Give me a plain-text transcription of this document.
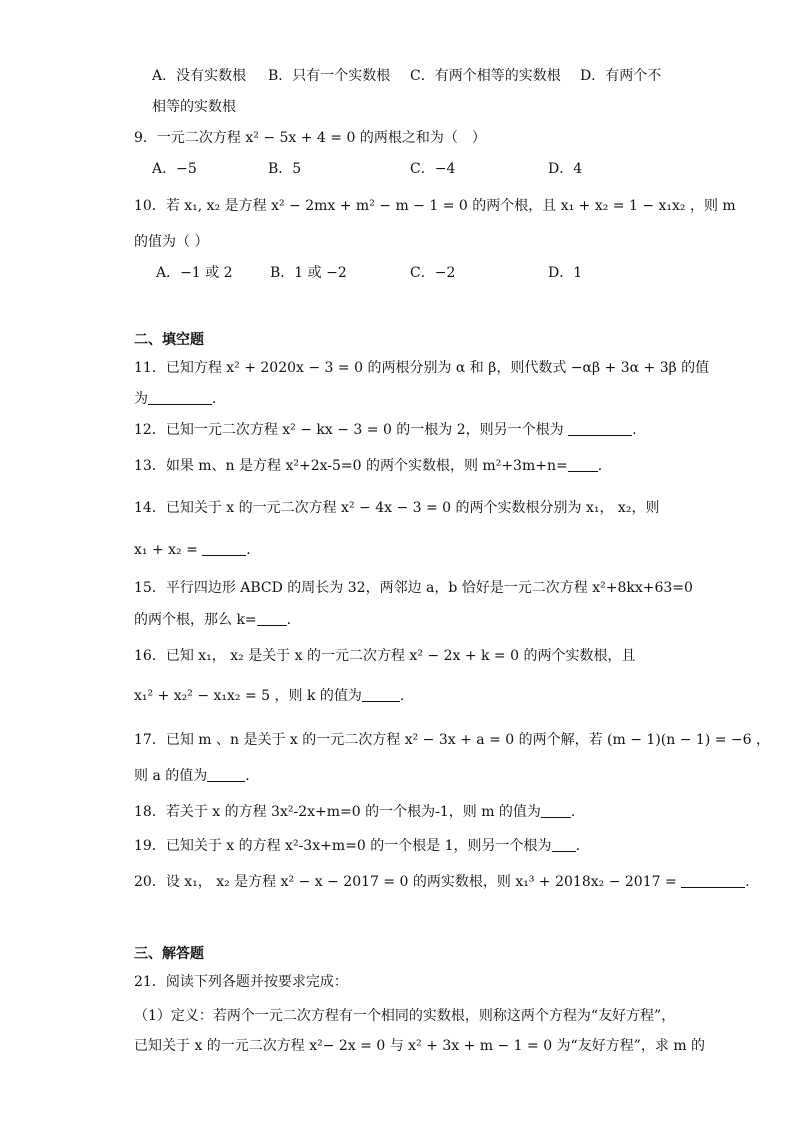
A．没有实数根 B．只有一个实数根 C．有两个相等的实数根 D．有两个不
相等的实数根
9．一元二次方程 x² − 5x + 4 = 0 的两根之和为（　）
A．−5	B．5	C．−4	D．4
10．若 x₁, x₂ 是方程 x² − 2mx + m² − m − 1 = 0 的两个根，且 x₁ + x₂ = 1 − x₁x₂ ，则 m
的值为（ ）
A．−1 或 2	B．1 或 −2	C．−2	D．1
二、填空题
11．已知方程 x² + 2020x − 3 = 0 的两根分别为 α 和 β，则代数式 −αβ + 3α + 3β 的值
为	．
12．已知一元二次方程 x² − kx − 3 = 0 的一根为 2，则另一个根为	.
13．如果 m、n 是方程 x²+2x-5=0 的两个实数根，则 m²+3m+n= .
14．已知关于 x 的一元二次方程 x² − 4x − 3 = 0 的两个实数根分别为 x₁， x₂，则
x₁ + x₂ =	.
15．平行四边形 ABCD 的周长为 32，两邻边 a，b 恰好是一元二次方程 x²+8kx+63=0
的两个根，那么 k= .
16．已知 x₁， x₂ 是关于 x 的一元二次方程 x² − 2x + k = 0 的两个实数根，且
x₁² + x₂² − x₁x₂ = 5 ，则 k 的值为	.
17．已知 m 、n 是关于 x 的一元二次方程 x² − 3x + a = 0 的两个解，若 (m − 1)(n − 1) = −6 ，
则 a 的值为	.
18．若关于 x 的方程 3x²-2x+m=0 的一个根为-1，则 m 的值为 .
19．已知关于 x 的方程 x²-3x+m=0 的一个根是 1，则另一个根为 .
20．设 x₁， x₂ 是方程 x² − x − 2017 = 0 的两实数根，则 x₁³ + 2018x₂ − 2017 =	.
三、解答题
21．阅读下列各题并按要求完成：
（1）定义：若两个一元二次方程有一个相同的实数根，则称这两个方程为“友好方程”，
已知关于 x 的一元二次方程 x²− 2x = 0 与 x² + 3x + m − 1 = 0 为“友好方程”，求 m 的
